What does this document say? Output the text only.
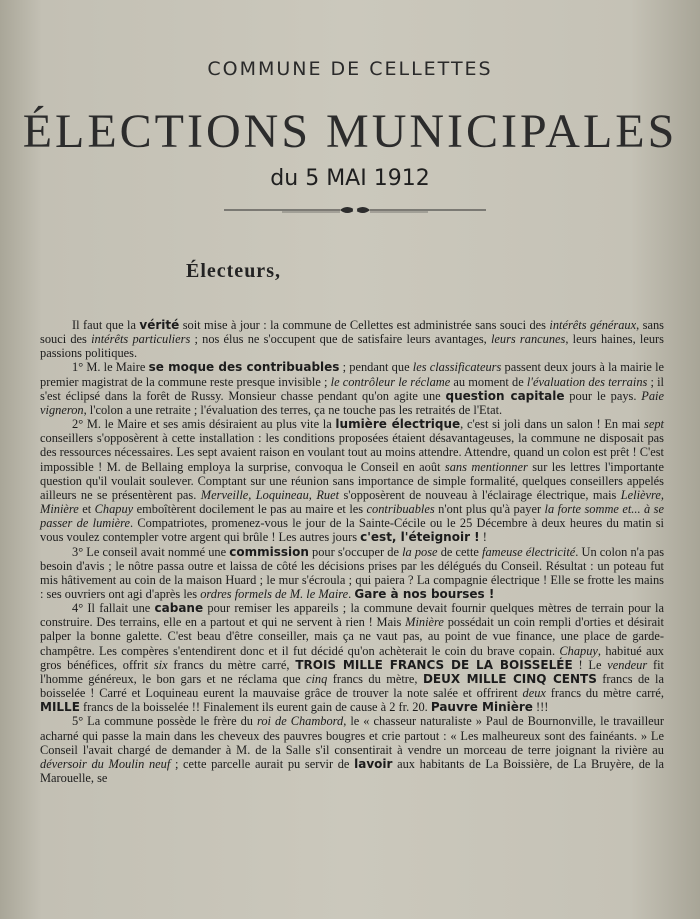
COMMUNE DE CELLETTES
ÉLECTIONS MUNICIPALES
du 5 MAI 1912
Électeurs,

Il faut que la vérité soit mise à jour : la commune de Cellettes est administrée sans souci des intérêts généraux, sans souci des intérêts particuliers ; nos élus ne s'occupent que de satisfaire leurs avantages, leurs rancunes, leurs haines, leurs passions politiques.

1° M. le Maire se moque des contribuables ; pendant que les classificateurs passent deux jours à la mairie le premier magistrat de la commune reste presque invisible ; le contrôleur le réclame au moment de l'évaluation des terrains ; il s'est éclipsé dans la forêt de Russy. Monsieur chasse pendant qu'on agite une question capitale pour le pays. Paie vigneron, l'colon a une retraite ; l'évaluation des terres, ça ne touche pas les retraités de l'Etat.

2° M. le Maire et ses amis désiraient au plus vite la lumière électrique, c'est si joli dans un salon ! En mai sept conseillers s'opposèrent à cette installation : les conditions proposées étaient désavantageuses, la commune ne disposait pas des ressources nécessaires. Les sept avaient raison en voulant tout au moins attendre. Attendre, quand un colon est prêt ! C'est impossible ! M. de Bellaing employa la surprise, convoqua le Conseil en août sans mentionner sur les lettres l'importante question qu'il voulait soulever. Comptant sur une réunion sans importance de simple formalité, quelques conseillers appelés ailleurs ne se présentèrent pas. Merveille, Loquineau, Ruet s'opposèrent de nouveau à l'éclairage électrique, mais Lelièvre, Minière et Chapuy emboîtèrent docilement le pas au maire et les contribuables n'ont plus qu'à payer la forte somme et... à se passer de lumière. Compatriotes, promenez-vous le jour de la Sainte-Cécile ou le 25 Décembre à deux heures du matin si vous voulez contempler votre argent qui brûle ! Les autres jours c'est, l'éteignoir ! !

3° Le conseil avait nommé une commission pour s'occuper de la pose de cette fameuse électricité. Un colon n'a pas besoin d'avis ; le nôtre passa outre et laissa de côté les décisions prises par les délégués du Conseil. Résultat : un poteau fut mis hâtivement au coin de la maison Huard ; le mur s'écroula ; qui paiera ? La compagnie électrique ! Elle se frotte les mains : ses ouvriers ont agi d'après les ordres formels de M. le Maire. Gare à nos bourses !

4° Il fallait une cabane pour remiser les appareils ; la commune devait fournir quelques mètres de terrain pour la construire. Des terrains, elle en a partout et qui ne servent à rien ! Mais Minière possédait un coin rempli d'orties et désirait palper la bonne galette. C'est beau d'être conseiller, mais ça ne vaut pas, au point de vue finance, une place de garde-champêtre. Les compères s'entendirent donc et il fut décidé qu'on achèterait le coin du brave copain. Chapuy, habitué aux gros bénéfices, offrit six francs du mètre carré, TROIS MILLE FRANCS DE LA BOISSELÉE ! Le vendeur fit l'homme généreux, le bon gars et ne réclama que cinq francs du mètre, DEUX MILLE CINQ CENTS francs de la boisselée ! Carré et Loquineau eurent la mauvaise grâce de trouver la note salée et offrirent deux francs du mètre carré, MILLE francs de la boisselée !! Finalement ils eurent gain de cause à 2 fr. 20. Pauvre Minière !!!

5° La commune possède le frère du roi de Chambord, le « chasseur naturaliste » Paul de Bournonville, le travailleur acharné qui passe la main dans les cheveux des pauvres bougres et crie partout : « Les malheureux sont des fainéants. » Le Conseil l'avait chargé de demander à M. de la Salle s'il consentirait à vendre un morceau de terre joignant la rivière au déversoir du Moulin neuf ; cette parcelle aurait pu servir de lavoir aux habitants de La Boissière, de La Bruyère, de la Marouelle, se
